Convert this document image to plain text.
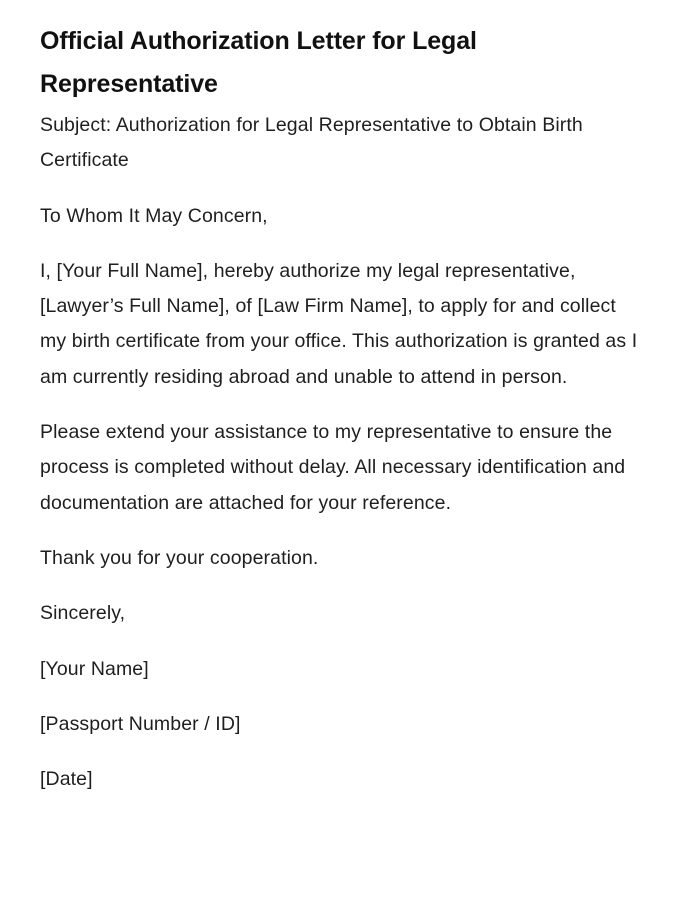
Official Authorization Letter for Legal Representative

Subject: Authorization for Legal Representative to Obtain Birth Certificate

To Whom It May Concern,

I, [Your Full Name], hereby authorize my legal representative, [Lawyer’s Full Name], of [Law Firm Name], to apply for and collect my birth certificate from your office. This authorization is granted as I am currently residing abroad and unable to attend in person.

Please extend your assistance to my representative to ensure the process is completed without delay. All necessary identification and documentation are attached for your reference.

Thank you for your cooperation.

Sincerely,

[Your Name]

[Passport Number / ID]

[Date]
